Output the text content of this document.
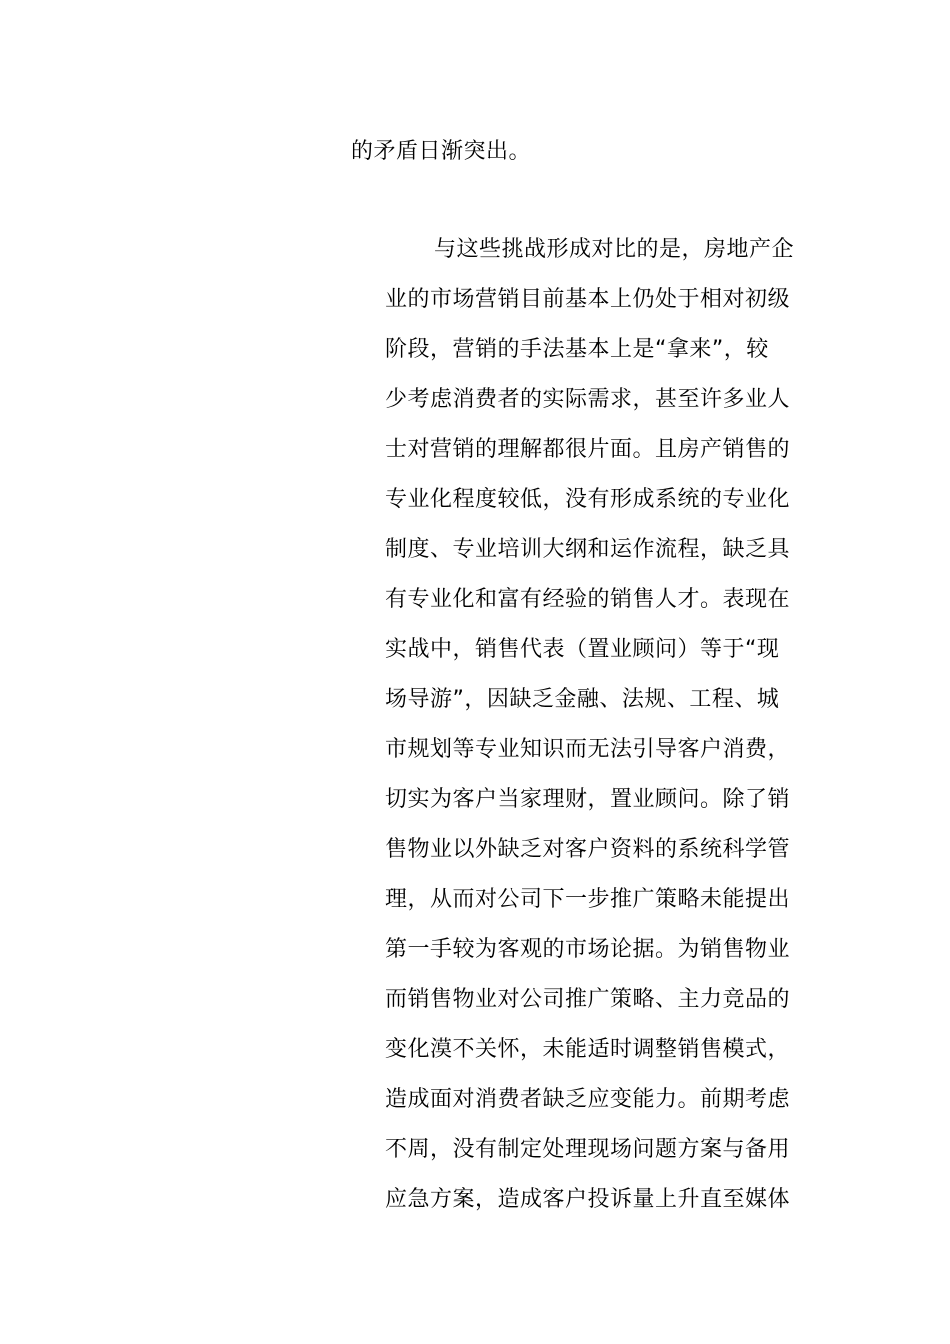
的矛盾日渐突出。
与这些挑战形成对比的是，房地产企
业的市场营销目前基本上仍处于相对初级
阶段，营销的手法基本上是“拿来”，较
少考虑消费者的实际需求，甚至许多业人
士对营销的理解都很片面。且房产销售的
专业化程度较低，没有形成系统的专业化
制度、专业培训大纲和运作流程，缺乏具
有专业化和富有经验的销售人才。表现在
实战中，销售代表（置业顾问）等于“现
场导游”，因缺乏金融、法规、工程、城
市规划等专业知识而无法引导客户消费，
切实为客户当家理财，置业顾问。除了销
售物业以外缺乏对客户资料的系统科学管
理，从而对公司下一步推广策略未能提出
第一手较为客观的市场论据。为销售物业
而销售物业对公司推广策略、主力竞品的
变化漠不关怀，未能适时调整销售模式，
造成面对消费者缺乏应变能力。前期考虑
不周，没有制定处理现场问题方案与备用
应急方案，造成客户投诉量上升直至媒体
